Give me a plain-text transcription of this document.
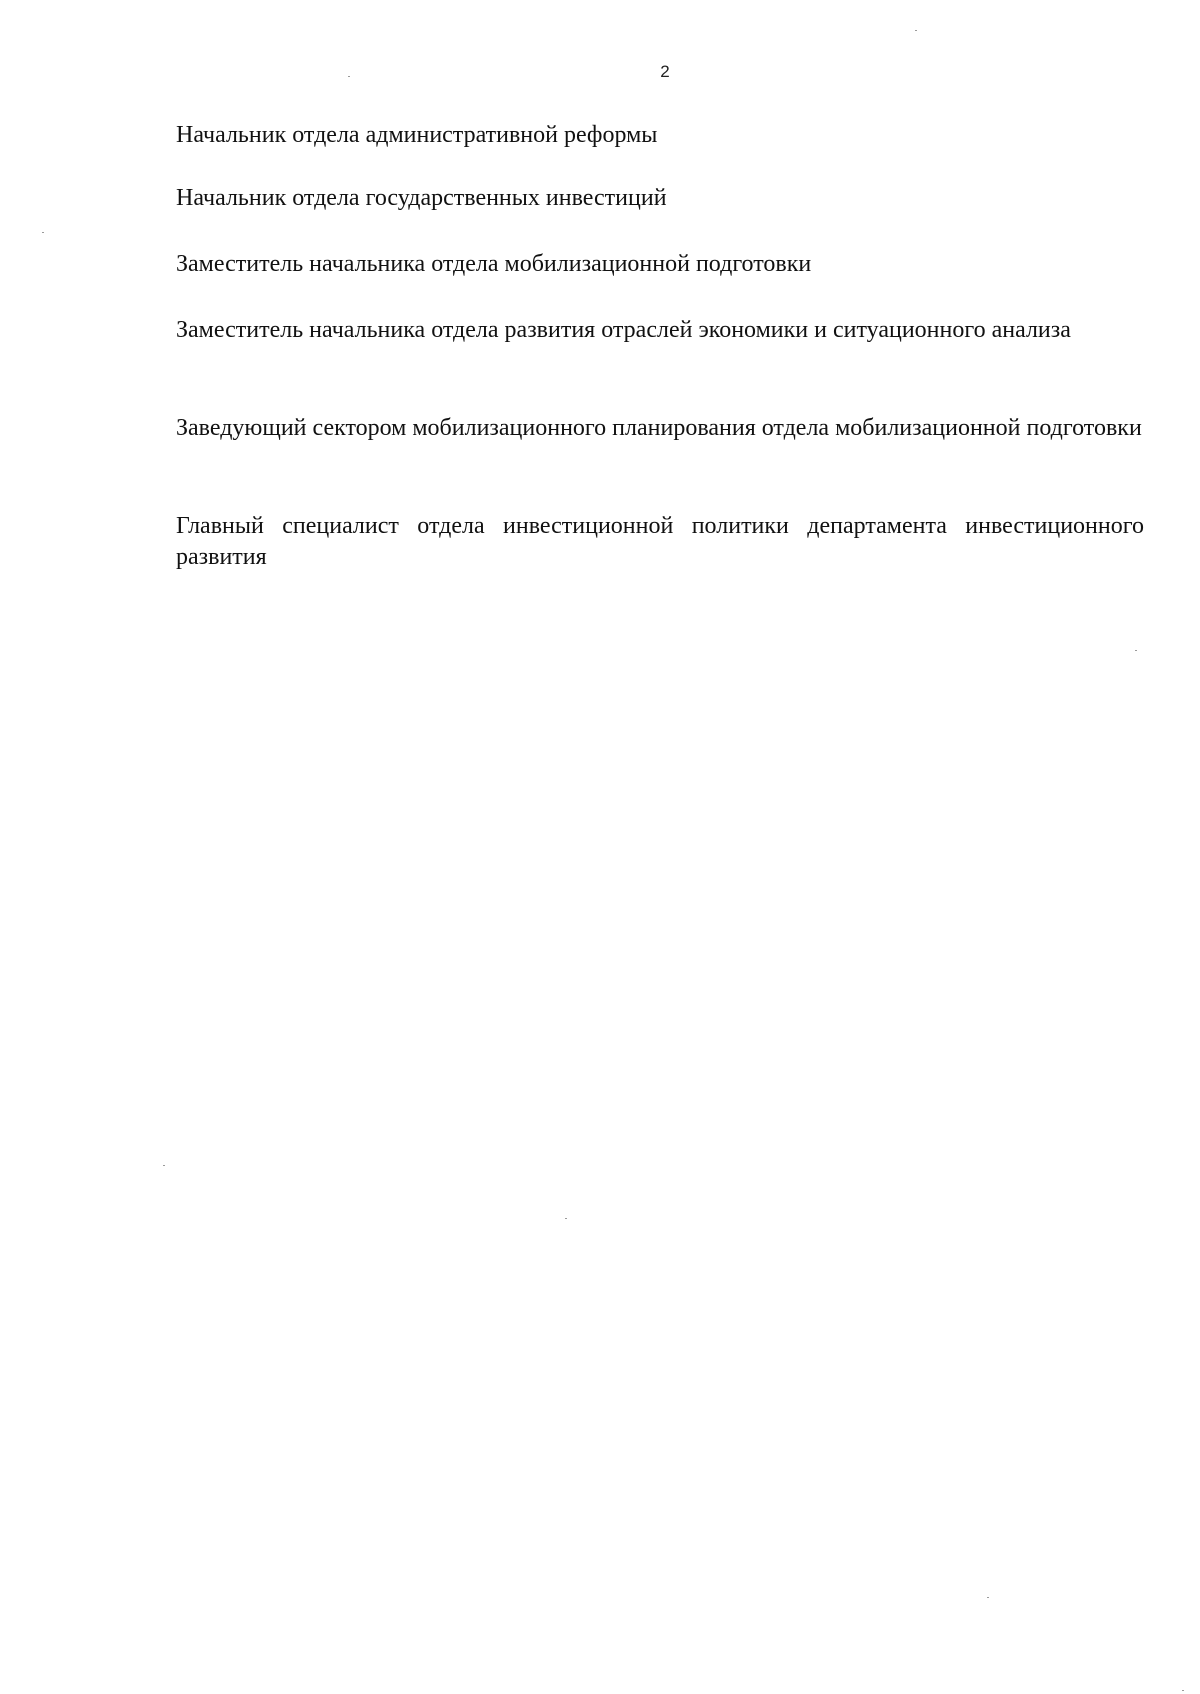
2

Начальник отдела административной реформы

Начальник отдела государственных инвестиций

Заместитель начальника отдела мобилизационной подготовки

Заместитель начальника отдела развития отраслей экономики и ситуационного анализа

Заведующий сектором мобилизационного планирования отдела мобилизационной подготовки

Главный специалист отдела инвестиционной политики департамента инвестиционного развития
